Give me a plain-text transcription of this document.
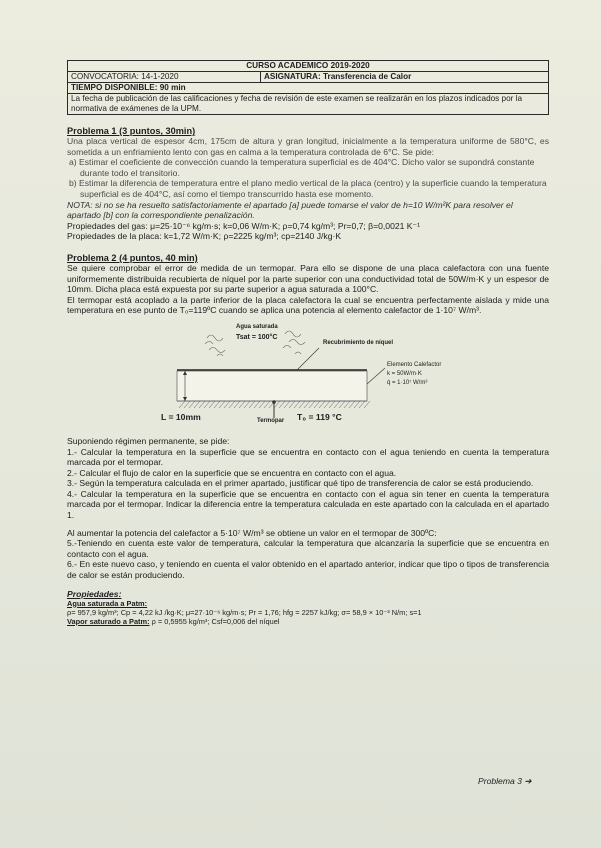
CURSO ACADEMICO 2019-2020
CONVOCATORIA: 14-1-2020	ASIGNATURA: Transferencia de Calor
TIEMPO DISPONIBLE: 90 min
La fecha de publicación de las calificaciones y fecha de revisión de este examen se realizarán en los plazos indicados por la normativa de exámenes de la UPM.

Problema 1 (3 puntos, 30min)

Una placa vertical de espesor 4cm, 175cm de altura y gran longitud, inicialmente a la temperatura uniforme de 580°C, es sometida a un enfriamiento lento con gas en calma a la temperatura controlada de 6°C. Se pide:

a) Estimar el coeficiente de convección cuando la temperatura superficial es de 404°C. Dicho valor se supondrá constante durante todo el transitorio.

b) Estimar la diferencia de temperatura entre el plano medio vertical de la placa (centro) y la superficie cuando la temperatura superficial es de 404°C, así como el tiempo transcurrido hasta ese momento.

NOTA: si no se ha resuelto satisfactoriamente el apartado [a] puede tomarse el valor de h=10 W/m²K para resolver el apartado [b] con la correspondiente penalización.

Propiedades del gas: μ=25·10⁻⁶ kg/m·s; k=0,06 W/m·K; ρ=0,74 kg/m³; Pr=0,7; β=0,0021 K⁻¹

Propiedades de la placa: k=1,72 W/m·K; ρ=2225 kg/m³; cp=2140 J/kg·K

Problema 2 (4 puntos, 40 min)

Se quiere comprobar el error de medida de un termopar. Para ello se dispone de una placa calefactora con una fuente uniformemente distribuida recubierta de níquel por la parte superior con una conductividad total de 50W/m·K y un espesor de 10mm. Dicha placa está expuesta por su parte superior a agua saturada a 100°C.

El termopar está acoplado a la parte inferior de la placa calefactora la cual se encuentra perfectamente aislada y mide una temperatura en ese punto de T₀=119ºC cuando se aplica una potencia al elemento calefactor de 1·10⁷ W/m³.

Agua saturada
Tsat = 100°C
Recubrimiento de níquel
Elemento Calefactor
k = 50W/m·K
q̇ = 1·10⁷ W/m³
L = 10mm	Termopar T₀ = 119 °C

Suponiendo régimen permanente, se pide:

1.- Calcular la temperatura en la superficie que se encuentra en contacto con el agua teniendo en cuenta la temperatura marcada por el termopar.

2.- Calcular el flujo de calor en la superficie que se encuentra en contacto con el agua.

3.- Según la temperatura calculada en el primer apartado, justificar qué tipo de transferencia de calor se está produciendo.

4.- Calcular la temperatura en la superficie que se encuentra en contacto con el agua sin tener en cuenta la temperatura marcada por el termopar. Indicar la diferencia entre la temperatura calculada en este apartado con la calculada en el apartado 1.

Al aumentar la potencia del calefactor a 5·10⁷ W/m³ se obtiene un valor en el termopar de 300ºC:

5.-Teniendo en cuenta este valor de temperatura, calcular la temperatura que alcanzaría la superficie que se encuentra en contacto con el agua.

6.- En este nuevo caso, y teniendo en cuenta el valor obtenido en el apartado anterior, indicar que tipo o tipos de transferencia de calor se están produciendo.

Propiedades:

Agua saturada a Patm:

ρ= 957,9 kg/m³; Cp = 4,22 kJ /kg·K; μ=27·10⁻⁶ kg/m·s; Pr = 1,76; hfg = 2257 kJ/kg; σ= 58,9 × 10⁻³ N/m; s=1

Vapor saturado a Patm: ρ = 0,5955 kg/m³; Csf=0,006 del níquel

Problema 3 ➔
